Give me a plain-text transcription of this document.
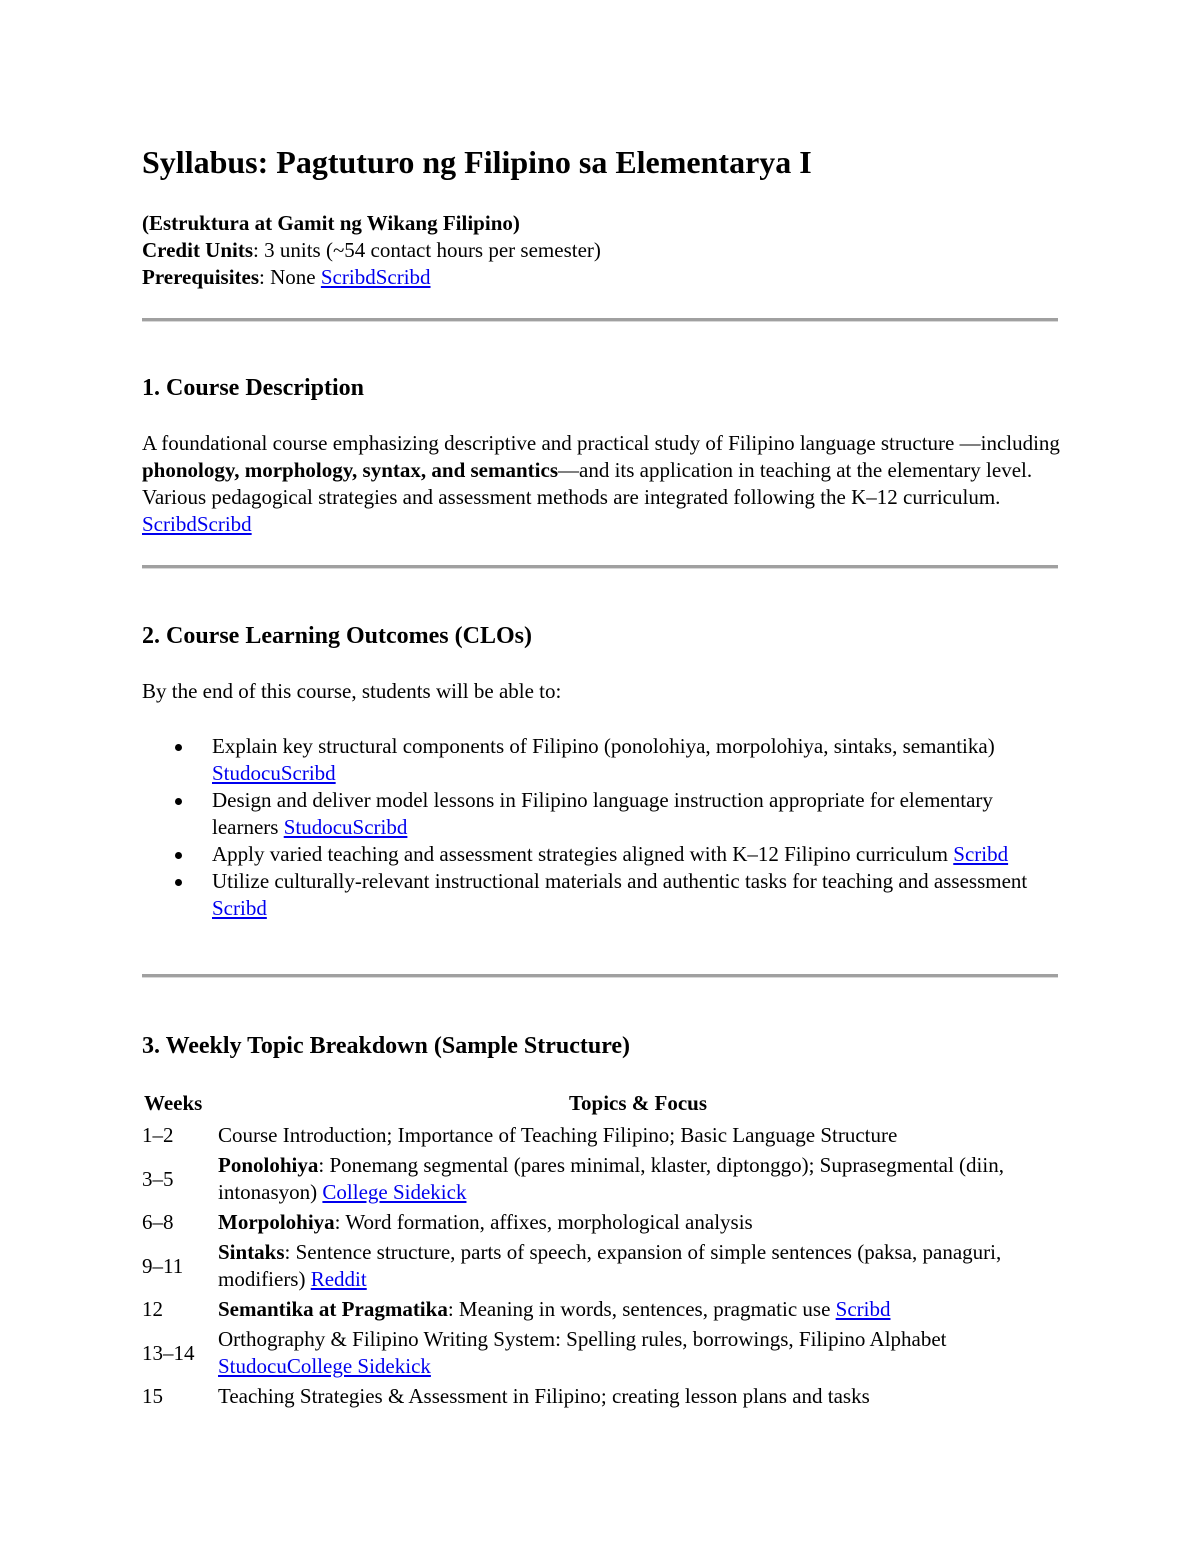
Syllabus: Pagtuturo ng Filipino sa Elementarya I
(Estruktura at Gamit ng Wikang Filipino)
Credit Units: 3 units (~54 contact hours per semester)
Prerequisites: None ScribdScribd
1. Course Description

A foundational course emphasizing descriptive and practical study of Filipino language structure —including phonology, morphology, syntax, and semantics—and its application in teaching at the elementary level. Various pedagogical strategies and assessment methods are integrated following the K–12 curriculum. ScribdScribd

2. Course Learning Outcomes (CLOs)

By the end of this course, students will be able to:

Explain key structural components of Filipino (ponolohiya, morpolohiya, sintaks, semantika) StudocuScribd
Design and deliver model lessons in Filipino language instruction appropriate for elementary learners StudocuScribd
Apply varied teaching and assessment strategies aligned with K–12 Filipino curriculum Scribd
Utilize culturally-relevant instructional materials and authentic tasks for teaching and assessment Scribd
3. Weekly Topic Breakdown (Sample Structure)
Weeks	Topics & Focus
1–2	Course Introduction; Importance of Teaching Filipino; Basic Language Structure
3–5	Ponolohiya: Ponemang segmental (pares minimal, klaster, diptonggo); Suprasegmental (diin, intonasyon) College Sidekick
6–8	Morpolohiya: Word formation, affixes, morphological analysis
9–11	Sintaks: Sentence structure, parts of speech, expansion of simple sentences (paksa, panaguri, modifiers) Reddit
12	Semantika at Pragmatika: Meaning in words, sentences, pragmatic use Scribd
13–14	Orthography & Filipino Writing System: Spelling rules, borrowings, Filipino Alphabet StudocuCollege Sidekick
15	Teaching Strategies & Assessment in Filipino; creating lesson plans and tasks
